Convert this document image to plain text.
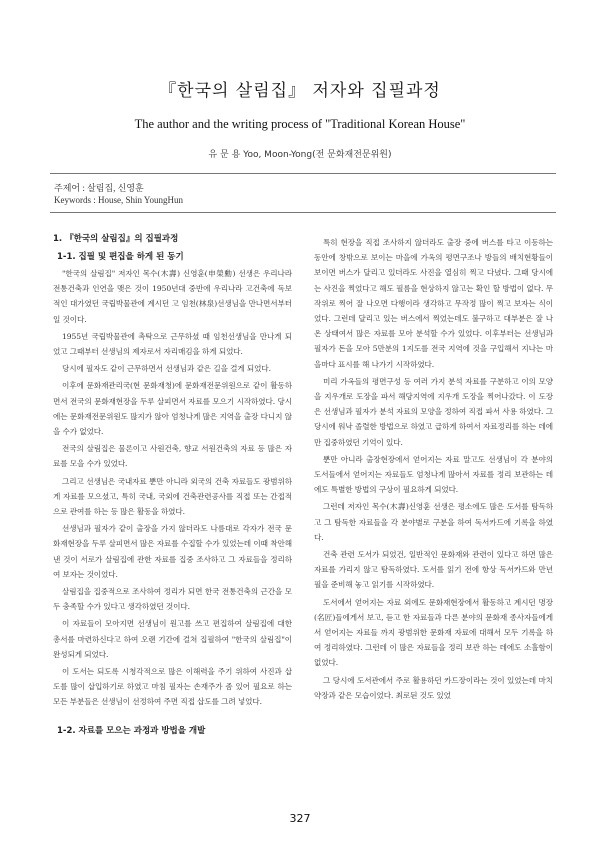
『한국의 살림집』 저자와 집필과정
The author and the writing process of "Traditional Korean House"
유 문 용 Yoo, Moon-Yong(전 문화재전문위원)
주제어 : 살림집, 신영훈
Keywords : House, Shin YoungHun
1. 『한국의 살림집』의 집필과정
1-1. 집필 및 편집을 하게 된 동기

"한국의 살림집" 저자인 목수(木壽) 신영훈(申榮勳) 선생은 우리나라 전통건축과 인연을 맺은 것이 1950년대 중반에 우리나라 고건축에 독보적인 대가였던 국립박물관에 계시던 고 임천(林泉)선생님을 만나면서부터 일 것이다.

1955년 국립박물관에 촉탁으로 근무하셨 때 임천선생님을 만나게 되었고 그때부터 선생님의 제자로서 자리매김을 하게 되었다.

당시에 필자도 같이 근무하면서 선생님과 같은 길을 걸게 되었다.

이후에 문화재관리국(현 문화재청)에 문화재전문위원으로 같이 활동하면서 전국의 문화재현장을 두루 살피면서 자료를 모으기 시작하였다. 당시에는 문화재전문위원도 많지가 않아 엄청나게 많은 지역을 출장 다니지 않을 수가 없었다.

전국의 살림집은 물론이고 사원건축, 향교 서원건축의 자료 등 많은 자료를 모을 수가 있었다.

그리고 선생님은 국내자료 뿐만 아니라 외국의 건축 자료들도 광범위하게 자료를 모으셨고, 특히 국내, 국외에 건축관련공사를 직접 또는 간접적으로 관여를 하는 등 많은 활동을 하였다.

선생님과 필자가 같이 출장을 가지 않더라도 나름대로 각자가 전국 문화재현장을 두루 살피면서 많은 자료를 수집할 수가 있었는데 이때 착안해낸 것이 서로가 살림집에 관한 자료를 집중 조사하고 그 자료들을 정리하여 보자는 것이었다.

살림집을 집중적으로 조사하여 정리가 되면 한국 전통건축의 근간을 모두 충족할 수가 있다고 생각하였던 것이다.

이 자료들이 모아지면 선생님이 원고를 쓰고 편집하여 살림집에 대한 총서를 마련하신다고 하여 오랜 기간에 걸쳐 집필하여 "한국의 살림집"이 완성되게 되었다.

이 도서는 되도록 시청각적으로 많은 이해력을 주기 위하여 사진과 삽도를 많이 삽입하기로 하였고 마침 필자는 손재주가 좀 있어 필요로 하는 모든 부분들은 선생님이 선정하여 주면 직접 삽도를 그려 넣었다.

1-2. 자료를 모으는 과정과 방법을 개발

특히 현장을 직접 조사하지 않더라도 출장 중에 버스를 타고 이동하는 동안에 창밖으로 보이는 마을에 가옥의 평면구조나 방들의 배치현황들이 보이면 버스가 달리고 있더라도 사진을 열심히 찍고 다녔다. 그때 당시에는 사진을 찍었다고 해도 필름을 현상하지 않고는 확인 할 방법이 없다. 무작위로 찍어 잘 나오면 다행이라 생각하고 무작정 많이 찍고 보자는 식이었다. 그런데 달리고 있는 버스에서 찍었는데도 불구하고 대부분은 잘 나온 상태여서 많은 자료를 모아 분석할 수가 있었다. 이후부터는 선생님과 필자가 돈을 모아 5만분의 1지도를 전국 지역에 것을 구입해서 지나는 마을마다 표시를 해 나가기 시작하였다.

미리 가옥들의 평면구성 등 여러 가지 분석 자료를 구분하고 이의 모양을 지우개로 도장을 파서 해당지역에 지우개 도장을 찍어나갔다. 이 도장은 선생님과 필자가 분석 자료의 모양을 정하여 직접 파서 사용 하였다. 그 당시에 워낙 졸렬한 방법으로 하였고 급하게 하여서 자료정리를 하는 데에 만 집중하였던 기억이 있다.

뿐만 아니라 출장현장에서 얻어지는 자료 말고도 선생님이 각 분야의 도서들에서 얻어지는 자료들도 엄청나게 많아서 자료를 정리 보관하는 데에도 특별한 방법의 구상이 필요하게 되었다.

그런데 저자인 목수(木壽)신영훈 선생은 평소에도 많은 도서를 탐독하고 그 탐독한 자료들을 각 분야별로 구분을 하여 독서카드에 기록을 하였다.

건축 관련 도서가 되었건, 일반적인 문화재와 관련이 있다고 하면 많은 자료를 가리지 않고 탐독하였다. 도서를 읽기 전에 항상 독서카드와 만년필을 준비해 놓고 읽기를 시작하였다.

도서에서 얻어지는 자료 외에도 문화재현장에서 활동하고 계시던 명장(名匠)들에게서 보고, 듣고 한 자료들과 다른 분야의 문화재 종사자들에게서 얻어지는 자료들 까지 광범위한 문화재 자료에 대해서 모두 기록을 하여 정리하였다. 그런데 이 많은 자료들을 정리 보관 하는 데에도 소홀함이 없었다.

그 당시에 도서관에서 주로 활용하던 카드장이라는 것이 있었는데 마치 약장과 같은 모습이었다. 최로된 것도 있었

327
